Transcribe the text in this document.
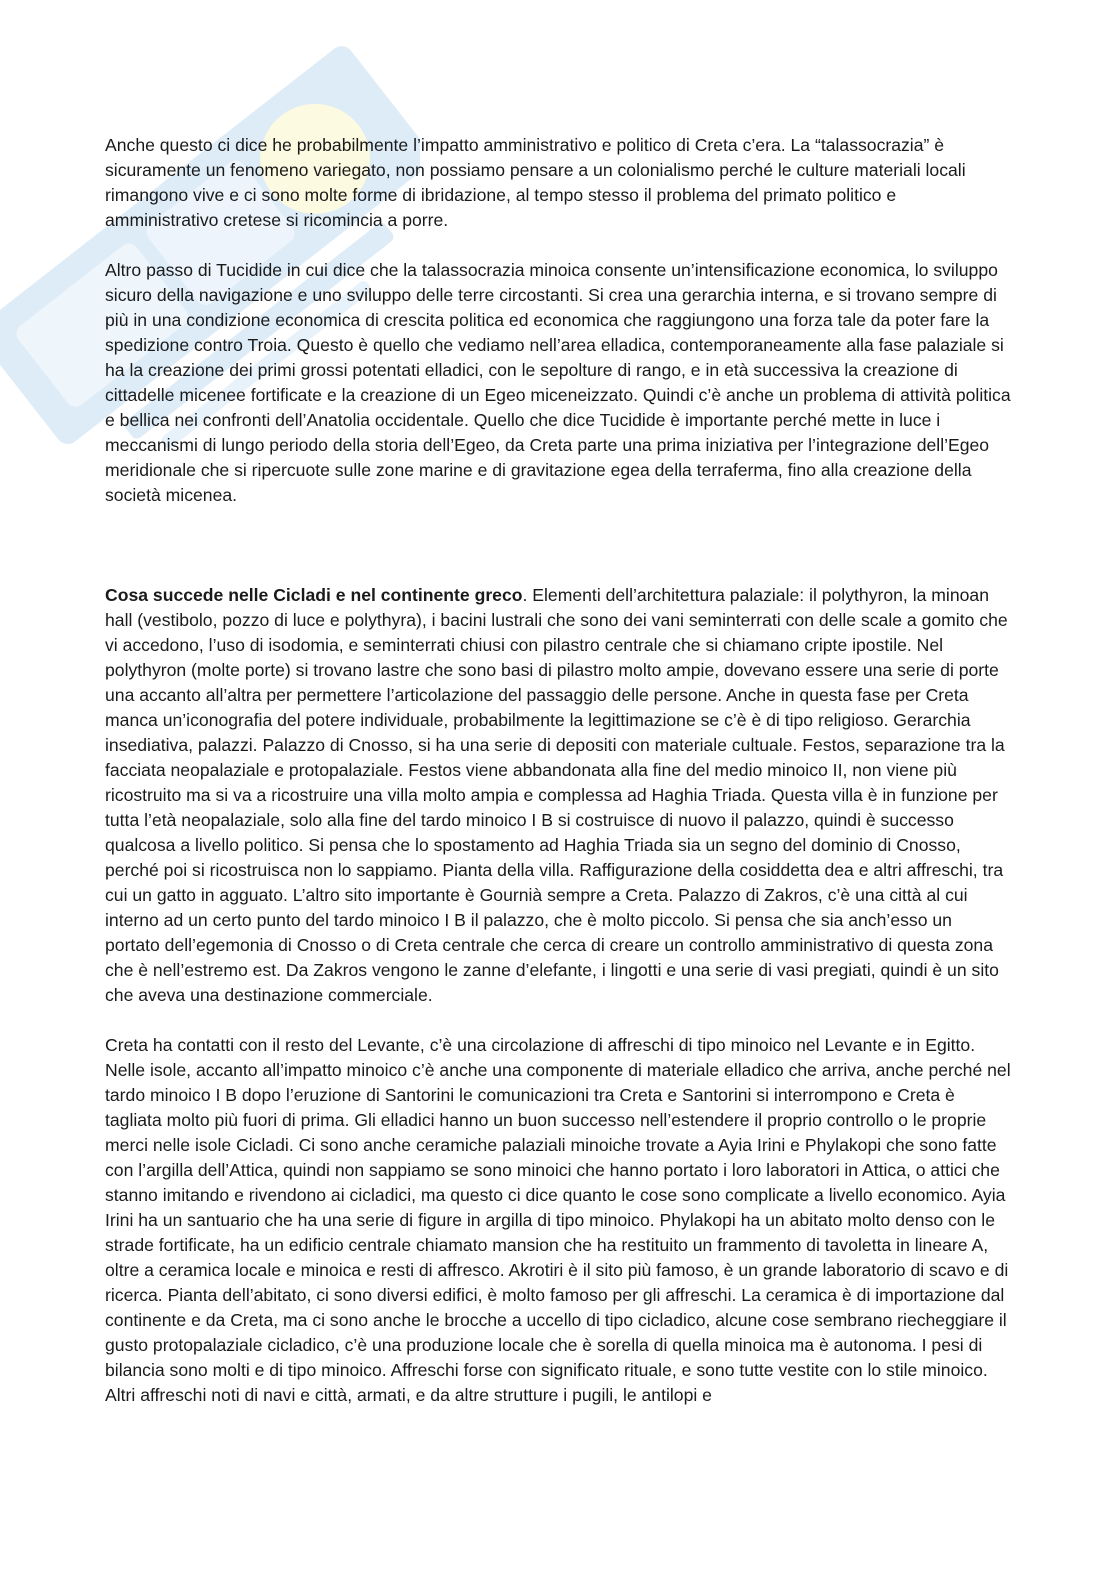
Anche questo ci dice he probabilmente l’impatto amministrativo e politico di Creta c’era. La “talassocrazia” è sicuramente un fenomeno variegato, non possiamo pensare a un colonialismo perché le culture materiali locali rimangono vive e ci sono molte forme di ibridazione, al tempo stesso il problema del primato politico e amministrativo cretese si ricomincia a porre.

Altro passo di Tucidide in cui dice che la talassocrazia minoica consente un’intensificazione economica, lo sviluppo sicuro della navigazione e uno sviluppo delle terre circostanti. Si crea una gerarchia interna, e si trovano sempre di più in una condizione economica di crescita politica ed economica che raggiungono una forza tale da poter fare la spedizione contro Troia. Questo è quello che vediamo nell’area elladica, contemporaneamente alla fase palaziale si ha la creazione dei primi grossi potentati elladici, con le sepolture di rango, e in età successiva la creazione di cittadelle micenee fortificate e la creazione di un Egeo miceneizzato. Quindi c’è anche un problema di attività politica e bellica nei confronti dell’Anatolia occidentale. Quello che dice Tucidide è importante perché mette in luce i meccanismi di lungo periodo della storia dell’Egeo, da Creta parte una prima iniziativa per l’integrazione dell’Egeo meridionale che si ripercuote sulle zone marine e di gravitazione egea della terraferma, fino alla creazione della società micenea.

Cosa succede nelle Cicladi e nel continente greco. Elementi dell’architettura palaziale: il polythyron, la minoan hall (vestibolo, pozzo di luce e polythyra), i bacini lustrali che sono dei vani seminterrati con delle scale a gomito che vi accedono, l’uso di isodomia, e seminterrati chiusi con pilastro centrale che si chiamano cripte ipostile. Nel polythyron (molte porte) si trovano lastre che sono basi di pilastro molto ampie, dovevano essere una serie di porte una accanto all’altra per permettere l’articolazione del passaggio delle persone. Anche in questa fase per Creta manca un’iconografia del potere individuale, probabilmente la legittimazione se c’è è di tipo religioso. Gerarchia insediativa, palazzi. Palazzo di Cnosso, si ha una serie di depositi con materiale cultuale. Festos, separazione tra la facciata neopalaziale e protopalaziale. Festos viene abbandonata alla fine del medio minoico II, non viene più ricostruito ma si va a ricostruire una villa molto ampia e complessa ad Haghia Triada. Questa villa è in funzione per tutta l’età neopalaziale, solo alla fine del tardo minoico I B si costruisce di nuovo il palazzo, quindi è successo qualcosa a livello politico. Si pensa che lo spostamento ad Haghia Triada sia un segno del dominio di Cnosso, perché poi si ricostruisca non lo sappiamo. Pianta della villa. Raffigurazione della cosiddetta dea e altri affreschi, tra cui un gatto in agguato. L’altro sito importante è Gournià sempre a Creta. Palazzo di Zakros, c’è una città al cui interno ad un certo punto del tardo minoico I B il palazzo, che è molto piccolo. Si pensa che sia anch’esso un portato dell’egemonia di Cnosso o di Creta centrale che cerca di creare un controllo amministrativo di questa zona che è nell’estremo est. Da Zakros vengono le zanne d’elefante, i lingotti e una serie di vasi pregiati, quindi è un sito che aveva una destinazione commerciale.

Creta ha contatti con il resto del Levante, c’è una circolazione di affreschi di tipo minoico nel Levante e in Egitto. Nelle isole, accanto all’impatto minoico c’è anche una componente di materiale elladico che arriva, anche perché nel tardo minoico I B dopo l’eruzione di Santorini le comunicazioni tra Creta e Santorini si interrompono e Creta è tagliata molto più fuori di prima. Gli elladici hanno un buon successo nell’estendere il proprio controllo o le proprie merci nelle isole Cicladi. Ci sono anche ceramiche palaziali minoiche trovate a Ayia Irini e Phylakopi che sono fatte con l’argilla dell’Attica, quindi non sappiamo se sono minoici che hanno portato i loro laboratori in Attica, o attici che stanno imitando e rivendono ai cicladici, ma questo ci dice quanto le cose sono complicate a livello economico. Ayia Irini ha un santuario che ha una serie di figure in argilla di tipo minoico. Phylakopi ha un abitato molto denso con le strade fortificate, ha un edificio centrale chiamato mansion che ha restituito un frammento di tavoletta in lineare A, oltre a ceramica locale e minoica e resti di affresco. Akrotiri è il sito più famoso, è un grande laboratorio di scavo e di ricerca. Pianta dell’abitato, ci sono diversi edifici, è molto famoso per gli affreschi. La ceramica è di importazione dal continente e da Creta, ma ci sono anche le brocche a uccello di tipo cicladico, alcune cose sembrano riecheggiare il gusto protopalaziale cicladico, c’è una produzione locale che è sorella di quella minoica ma è autonoma. I pesi di bilancia sono molti e di tipo minoico. Affreschi forse con significato rituale, e sono tutte vestite con lo stile minoico. Altri affreschi noti di navi e città, armati, e da altre strutture i pugili, le antilopi e
